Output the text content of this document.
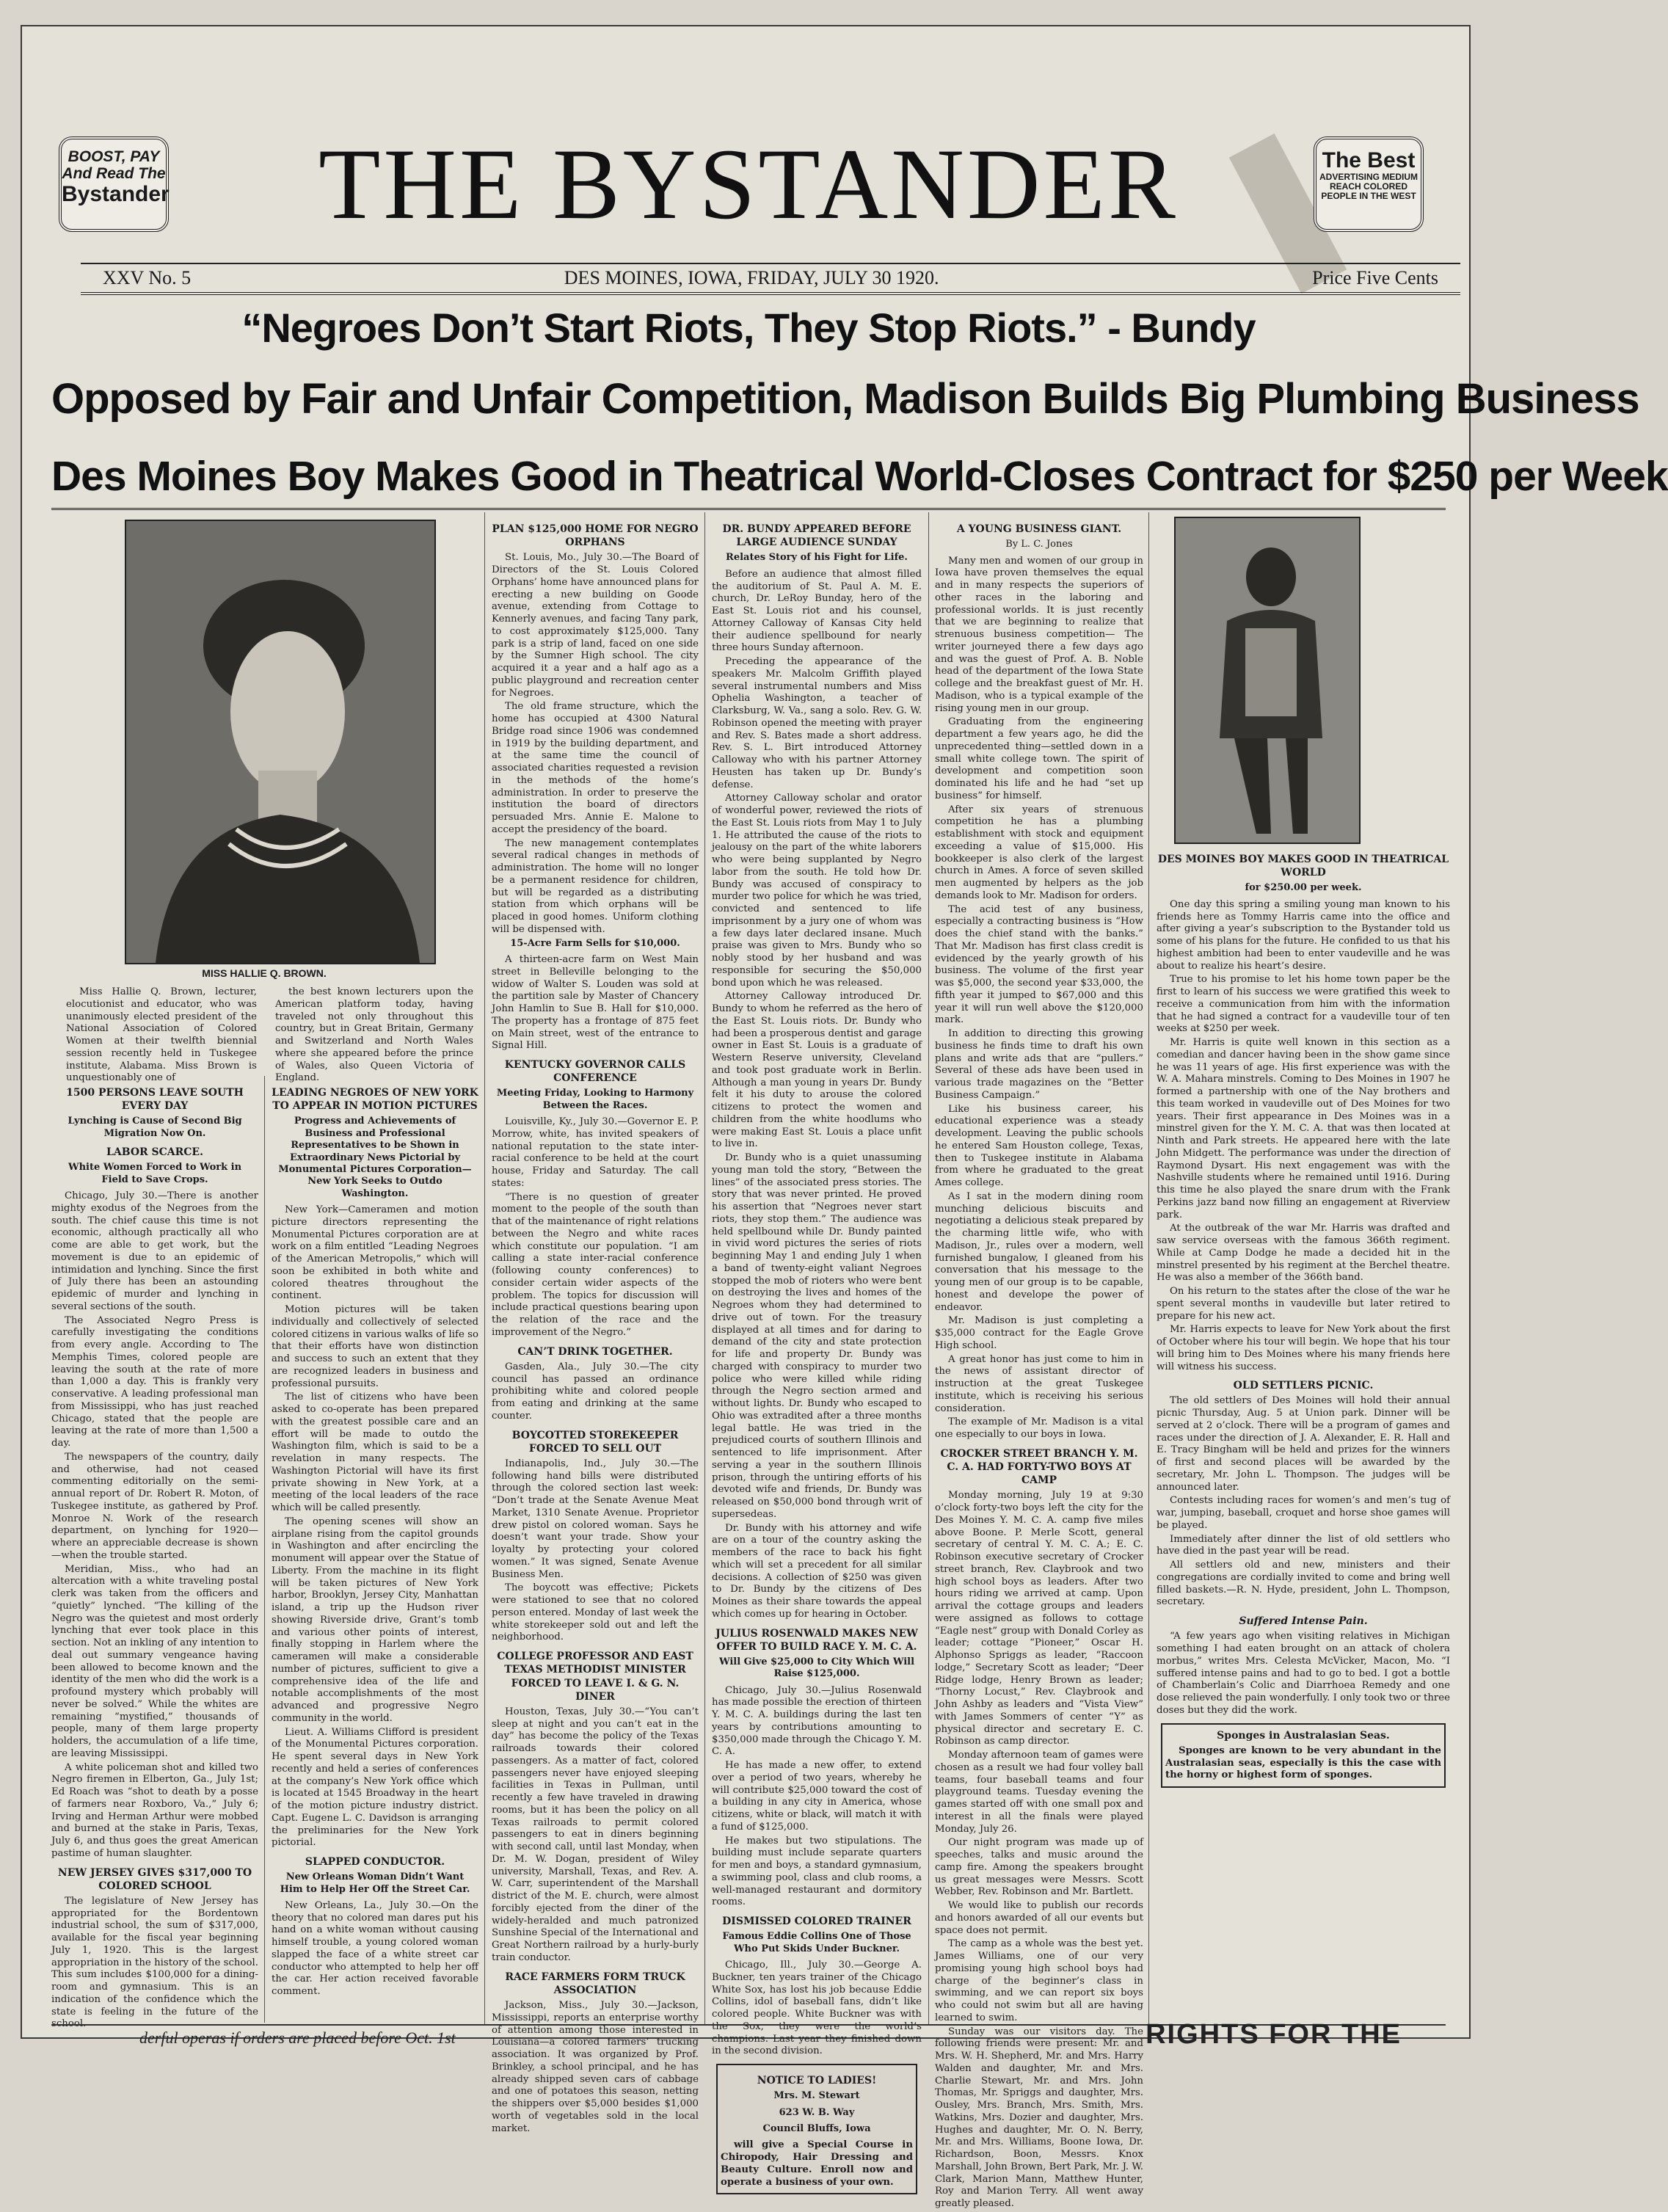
BOOST, PAY
And Read The
Bystander	THE BYSTANDER	The Best
ADVERTISING MEDIUM
REACH COLORED
PEOPLE IN THE WEST
XXV No. 5	DES MOINES, IOWA, FRIDAY, JULY 30 1920.	Price Five Cents
“Negroes Don’t Start Riots, They Stop Riots.” - Bundy
Opposed by Fair and Unfair Competition, Madison Builds Big Plumbing Business
Des Moines Boy Makes Good in Theatrical World-Closes Contract for $250 per Week
MISS HALLIE Q. BROWN.

Miss Hallie Q. Brown, lecturer, elocutionist and educator, who was unanimously elected president of the National Association of Colored Women at their twelfth biennial session recently held in Tuskegee institute, Alabama. Miss Brown is unquestionably one of

the best known lecturers upon the American platform today, having traveled not only throughout this country, but in Great Britain, Germany and Switzerland and North Wales where she appeared before the prince of Wales, also Queen Victoria of England.

1500 PERSONS LEAVE SOUTH EVERY DAY
Lynching is Cause of Second Big Migration Now On.
LABOR SCARCE.
White Women Forced to Work in Field to Save Crops.

Chicago, July 30.—There is another mighty exodus of the Negroes from the south. The chief cause this time is not economic, although practically all who come are able to get work, but the movement is due to an epidemic of intimidation and lynching. Since the first of July there has been an astounding epidemic of murder and lynching in several sections of the south.

The Associated Negro Press is carefully investigating the conditions from every angle. According to The Memphis Times, colored people are leaving the south at the rate of more than 1,000 a day. This is frankly very conservative. A leading professional man from Mississippi, who has just reached Chicago, stated that the people are leaving at the rate of more than 1,500 a day.

The newspapers of the country, daily and otherwise, had not ceased commenting editorially on the semi-annual report of Dr. Robert R. Moton, of Tuskegee institute, as gathered by Prof. Monroe N. Work of the research department, on lynching for 1920—where an appreciable decrease is shown—when the trouble started.

Meridian, Miss., who had an altercation with a white traveling postal clerk was taken from the officers and “quietly” lynched. “The killing of the Negro was the quietest and most orderly lynching that ever took place in this section. Not an inkling of any intention to deal out summary vengeance having been allowed to become known and the identity of the men who did the work is a profound mystery which probably will never be solved.” While the whites are remaining “mystified,” thousands of people, many of them large property holders, the accumulation of a life time, are leaving Mississippi.

A white policeman shot and killed two Negro firemen in Elberton, Ga., July 1st; Ed Roach was “shot to death by a posse of farmers near Roxboro, Va.,” July 6; Irving and Herman Arthur were mobbed and burned at the stake in Paris, Texas, July 6, and thus goes the great American pastime of human slaughter.

NEW JERSEY GIVES $317,000 TO COLORED SCHOOL

The legislature of New Jersey has appropriated for the Bordentown industrial school, the sum of $317,000, available for the fiscal year beginning July 1, 1920. This is the largest appropriation in the history of the school. This sum includes $100,000 for a dining-room and gymnasium. This is an indication of the confidence which the state is feeling in the future of the school.

LEADING NEGROES OF NEW YORK TO APPEAR IN MOTION PICTURES
Progress and Achievements of Business and Professional Representatives to be Shown in Extraordinary News Pictorial by Monumental Pictures Corporation—New York Seeks to Outdo Washington.

New York—Cameramen and motion picture directors representing the Monumental Pictures corporation are at work on a film entitled “Leading Negroes of the American Metropolis,” which will soon be exhibited in both white and colored theatres throughout the continent.

Motion pictures will be taken individually and collectively of selected colored citizens in various walks of life so that their efforts have won distinction and success to such an extent that they are recognized leaders in business and professional pursuits.

The list of citizens who have been asked to co-operate has been prepared with the greatest possible care and an effort will be made to outdo the Washington film, which is said to be a revelation in many respects. The Washington Pictorial will have its first private showing in New York, at a meeting of the local leaders of the race which will be called presently.

The opening scenes will show an airplane rising from the capitol grounds in Washington and after encircling the monument will appear over the Statue of Liberty. From the machine in its flight will be taken pictures of New York harbor, Brooklyn, Jersey City, Manhattan island, a trip up the Hudson river showing Riverside drive, Grant’s tomb and various other points of interest, finally stopping in Harlem where the cameramen will make a considerable number of pictures, sufficient to give a comprehensive idea of the life and notable accomplishments of the most advanced and progressive Negro community in the world.

Lieut. A. Williams Clifford is president of the Monumental Pictures corporation. He spent several days in New York recently and held a series of conferences at the company’s New York office which is located at 1545 Broadway in the heart of the motion picture industry district. Capt. Eugene L. C. Davidson is arranging the preliminaries for the New York pictorial.

SLAPPED CONDUCTOR.
New Orleans Woman Didn’t Want Him to Help Her Off the Street Car.

New Orleans, La., July 30.—On the theory that no colored man dares put his hand on a white woman without causing himself trouble, a young colored woman slapped the face of a white street car conductor who attempted to help her off the car. Her action received favorable comment.

PLAN $125,000 HOME FOR NEGRO ORPHANS

St. Louis, Mo., July 30.—The Board of Directors of the St. Louis Colored Orphans’ home have announced plans for erecting a new building on Goode avenue, extending from Cottage to Kennerly avenues, and facing Tany park, to cost approximately $125,000. Tany park is a strip of land, faced on one side by the Sumner High school. The city acquired it a year and a half ago as a public playground and recreation center for Negroes.

The old frame structure, which the home has occupied at 4300 Natural Bridge road since 1906 was condemned in 1919 by the building department, and at the same time the council of associated charities requested a revision in the methods of the home’s administration. In order to preserve the institution the board of directors persuaded Mrs. Annie E. Malone to accept the presidency of the board.

The new management contemplates several radical changes in methods of administration. The home will no longer be a permanent residence for children, but will be regarded as a distributing station from which orphans will be placed in good homes. Uniform clothing will be dispensed with.

15-Acre Farm Sells for $10,000.

A thirteen-acre farm on West Main street in Belleville belonging to the widow of Walter S. Louden was sold at the partition sale by Master of Chancery John Hamlin to Sue B. Hall for $10,000. The property has a frontage of 875 feet on Main street, west of the entrance to Signal Hill.

KENTUCKY GOVERNOR CALLS CONFERENCE
Meeting Friday, Looking to Harmony Between the Races.

Louisville, Ky., July 30.—Governor E. P. Morrow, white, has invited speakers of national reputation to the state inter-racial conference to be held at the court house, Friday and Saturday. The call states:

“There is no question of greater moment to the people of the south than that of the maintenance of right relations between the Negro and white races which constitute our population. “I am calling a state inter-racial conference (following county conferences) to consider certain wider aspects of the problem. The topics for discussion will include practical questions bearing upon the relation of the race and the improvement of the Negro.”

CAN’T DRINK TOGETHER.

Gasden, Ala., July 30.—The city council has passed an ordinance prohibiting white and colored people from eating and drinking at the same counter.

BOYCOTTED STOREKEEPER FORCED TO SELL OUT

Indianapolis, Ind., July 30.—The following hand bills were distributed through the colored section last week: “Don’t trade at the Senate Avenue Meat Market, 1310 Senate Avenue. Proprietor drew pistol on colored woman. Says he doesn’t want your trade. Show your loyalty by protecting your colored women.” It was signed, Senate Avenue Business Men.

The boycott was effective; Pickets were stationed to see that no colored person entered. Monday of last week the white storekeeper sold out and left the neighborhood.

COLLEGE PROFESSOR AND EAST TEXAS METHODIST MINISTER FORCED TO LEAVE I. & G. N. DINER

Houston, Texas, July 30.—“You can’t sleep at night and you can’t eat in the day” has become the policy of the Texas railroads towards their colored passengers. As a matter of fact, colored passengers never have enjoyed sleeping facilities in Texas in Pullman, until recently a few have traveled in drawing rooms, but it has been the policy on all Texas railroads to permit colored passengers to eat in diners beginning with second call, until last Monday, when Dr. M. W. Dogan, president of Wiley university, Marshall, Texas, and Rev. A. W. Carr, superintendent of the Marshall district of the M. E. church, were almost forcibly ejected from the diner of the widely-heralded and much patronized Sunshine Special of the International and Great Northern railroad by a hurly-burly train conductor.

RACE FARMERS FORM TRUCK ASSOCIATION

Jackson, Miss., July 30.—Jackson, Mississippi, reports an enterprise worthy of attention among those interested in Louisiana—a colored farmers’ trucking association. It was organized by Prof. Brinkley, a school principal, and he has already shipped seven cars of cabbage and one of potatoes this season, netting the shippers over $5,000 besides $1,000 worth of vegetables sold in the local market.

DR. BUNDY APPEARED BEFORE LARGE AUDIENCE SUNDAY
Relates Story of his Fight for Life.

Before an audience that almost filled the auditorium of St. Paul A. M. E. church, Dr. LeRoy Bunday, hero of the East St. Louis riot and his counsel, Attorney Calloway of Kansas City held their audience spellbound for nearly three hours Sunday afternoon.

Preceding the appearance of the speakers Mr. Malcolm Griffith played several instrumental numbers and Miss Ophelia Washington, a teacher of Clarksburg, W. Va., sang a solo. Rev. G. W. Robinson opened the meeting with prayer and Rev. S. Bates made a short address. Rev. S. L. Birt introduced Attorney Calloway who with his partner Attorney Heusten has taken up Dr. Bundy’s defense.

Attorney Calloway scholar and orator of wonderful power, reviewed the riots of the East St. Louis riots from May 1 to July 1. He attributed the cause of the riots to jealousy on the part of the white laborers who were being supplanted by Negro labor from the south. He told how Dr. Bundy was accused of conspiracy to murder two police for which he was tried, convicted and sentenced to life imprisonment by a jury one of whom was a few days later declared insane. Much praise was given to Mrs. Bundy who so nobly stood by her husband and was responsible for securing the $50,000 bond upon which he was released.

Attorney Calloway introduced Dr. Bundy to whom he referred as the hero of the East St. Louis riots. Dr. Bundy who had been a prosperous dentist and garage owner in East St. Louis is a graduate of Western Reserve university, Cleveland and took post graduate work in Berlin. Although a man young in years Dr. Bundy felt it his duty to arouse the colored citizens to protect the women and children from the white hoodlums who were making East St. Louis a place unfit to live in.

Dr. Bundy who is a quiet unassuming young man told the story, “Between the lines” of the associated press stories. The story that was never printed. He proved his assertion that “Negroes never start riots, they stop them.” The audience was held spellbound while Dr. Bundy painted in vivid word pictures the series of riots beginning May 1 and ending July 1 when a band of twenty-eight valiant Negroes stopped the mob of rioters who were bent on destroying the lives and homes of the Negroes whom they had determined to drive out of town. For the treasury displayed at all times and for daring to demand of the city and state protection for life and property Dr. Bundy was charged with conspiracy to murder two police who were killed while riding through the Negro section armed and without lights. Dr. Bundy who escaped to Ohio was extradited after a three months legal battle. He was tried in the prejudiced courts of southern Illinois and sentenced to life imprisonment. After serving a year in the southern Illinois prison, through the untiring efforts of his devoted wife and friends, Dr. Bundy was released on $50,000 bond through writ of supersedeas.

Dr. Bundy with his attorney and wife are on a tour of the country asking the members of the race to back his fight which will set a precedent for all similar decisions. A collection of $250 was given to Dr. Bundy by the citizens of Des Moines as their share towards the appeal which comes up for hearing in October.

JULIUS ROSENWALD MAKES NEW OFFER TO BUILD RACE Y. M. C. A.
Will Give $25,000 to City Which Will Raise $125,000.

Chicago, July 30.—Julius Rosenwald has made possible the erection of thirteen Y. M. C. A. buildings during the last ten years by contributions amounting to $350,000 made through the Chicago Y. M. C. A.

He has made a new offer, to extend over a period of two years, whereby he will contribute $25,000 toward the cost of a building in any city in America, whose citizens, white or black, will match it with a fund of $125,000.

He makes but two stipulations. The building must include separate quarters for men and boys, a standard gymnasium, a swimming pool, class and club rooms, a well-managed restaurant and dormitory rooms.

DISMISSED COLORED TRAINER
Famous Eddie Collins One of Those Who Put Skids Under Buckner.

Chicago, Ill., July 30.—George A. Buckner, ten years trainer of the Chicago White Sox, has lost his job because Eddie Collins, idol of baseball fans, didn’t like colored people. White Buckner was with the Sox, they were the world’s champions. Last year they finished down in the second division.

NOTICE TO LADIES!
Mrs. M. Stewart
623 W. B. Way
Council Bluffs, Iowa

will give a Special Course in Chiropody, Hair Dressing and Beauty Culture. Enroll now and operate a business of your own.

A YOUNG BUSINESS GIANT.
By L. C. Jones

Many men and women of our group in Iowa have proven themselves the equal and in many respects the superiors of other races in the laboring and professional worlds. It is just recently that we are beginning to realize that strenuous business competition— The writer journeyed there a few days ago and was the guest of Prof. A. B. Noble head of the department of the Iowa State college and the breakfast guest of Mr. H. Madison, who is a typical example of the rising young men in our group.

Graduating from the engineering department a few years ago, he did the unprecedented thing—settled down in a small white college town. The spirit of development and competition soon dominated his life and he had “set up business” for himself.

After six years of strenuous competition he has a plumbing establishment with stock and equipment exceeding a value of $15,000. His bookkeeper is also clerk of the largest church in Ames. A force of seven skilled men augmented by helpers as the job demands look to Mr. Madison for orders.

The acid test of any business, especially a contracting business is “How does the chief stand with the banks.” That Mr. Madison has first class credit is evidenced by the yearly growth of his business. The volume of the first year was $5,000, the second year $33,000, the fifth year it jumped to $67,000 and this year it will run well above the $120,000 mark.

In addition to directing this growing business he finds time to draft his own plans and write ads that are “pullers.” Several of these ads have been used in various trade magazines on the “Better Business Campaign.”

Like his business career, his educational experience was a steady development. Leaving the public schools he entered Sam Houston college, Texas, then to Tuskegee institute in Alabama from where he graduated to the great Ames college.

As I sat in the modern dining room munching delicious biscuits and negotiating a delicious steak prepared by the charming little wife, who with Madison, Jr., rules over a modern, well furnished bungalow, I gleaned from his conversation that his message to the young men of our group is to be capable, honest and develope the power of endeavor.

Mr. Madison is just completing a $35,000 contract for the Eagle Grove High school.

A great honor has just come to him in the news of assistant director of instruction at the great Tuskegee institute, which is receiving his serious consideration.

The example of Mr. Madison is a vital one especially to our boys in Iowa.

CROCKER STREET BRANCH Y. M. C. A. HAD FORTY-TWO BOYS AT CAMP

Monday morning, July 19 at 9:30 o’clock forty-two boys left the city for the Des Moines Y. M. C. A. camp five miles above Boone. P. Merle Scott, general secretary of central Y. M. C. A.; E. C. Robinson executive secretary of Crocker street branch, Rev. Claybrook and two high school boys as leaders. After two hours riding we arrived at camp. Upon arrival the cottage groups and leaders were assigned as follows to cottage “Eagle nest” group with Donald Corley as leader; cottage “Pioneer,” Oscar H. Alphonso Spriggs as leader, “Raccoon lodge,” Secretary Scott as leader; “Deer Ridge lodge, Henry Brown as leader; “Thorny Locust,” Rev. Claybrook and John Ashby as leaders and “Vista View” with James Sommers of center “Y” as physical director and secretary E. C. Robinson as camp director.

Monday afternoon team of games were chosen as a result we had four volley ball teams, four baseball teams and four playground teams. Tuesday evening the games started off with one small pox and interest in all the finals were played Monday, July 26.

Our night program was made up of speeches, talks and music around the camp fire. Among the speakers brought us great messages were Messrs. Scott Webber, Rev. Robinson and Mr. Bartlett.

We would like to publish our records and honors awarded of all our events but space does not permit.

The camp as a whole was the best yet. James Williams, one of our very promising young high school boys had charge of the beginner’s class in swimming, and we can report six boys who could not swim but all are having learned to swim.

Sunday was our visitors day. The following friends were present: Mr. and Mrs. W. H. Shepherd, Mr. and Mrs. Harry Walden and daughter, Mr. and Mrs. Charlie Stewart, Mr. and Mrs. John Thomas, Mr. Spriggs and daughter, Mrs. Ousley, Mrs. Branch, Mrs. Smith, Mrs. Watkins, Mrs. Dozier and daughter, Mrs. Hughes and daughter, Mr. O. N. Berry, Mr. and Mrs. Williams, Boone Iowa, Dr. Richardson, Boon, Messrs. Knox Marshall, John Brown, Bert Park, Mr. J. W. Clark, Marion Mann, Matthew Hunter, Roy and Marion Terry. All went away greatly pleased.

DES MOINES BOY MAKES GOOD IN THEATRICAL WORLD
for $250.00 per week.

One day this spring a smiling young man known to his friends here as Tommy Harris came into the office and after giving a year’s subscription to the Bystander told us some of his plans for the future. He confided to us that his highest ambition had been to enter vaudeville and he was about to realize his heart’s desire.

True to his promise to let his home town paper be the first to learn of his success we were gratified this week to receive a communication from him with the information that he had signed a contract for a vaudeville tour of ten weeks at $250 per week.

Mr. Harris is quite well known in this section as a comedian and dancer having been in the show game since he was 11 years of age. His first experience was with the W. A. Mahara minstrels. Coming to Des Moines in 1907 he formed a partnership with one of the Nay brothers and this team worked in vaudeville out of Des Moines for two years. Their first appearance in Des Moines was in a minstrel given for the Y. M. C. A. that was then located at Ninth and Park streets. He appeared here with the late John Midgett. The performance was under the direction of Raymond Dysart. His next engagement was with the Nashville students where he remained until 1916. During this time he also played the snare drum with the Frank Perkins jazz band now filling an engagement at Riverview park.

At the outbreak of the war Mr. Harris was drafted and saw service overseas with the famous 366th regiment. While at Camp Dodge he made a decided hit in the minstrel presented by his regiment at the Berchel theatre. He was also a member of the 366th band.

On his return to the states after the close of the war he spent several months in vaudeville but later retired to prepare for his new act.

Mr. Harris expects to leave for New York about the first of October where his tour will begin. We hope that his tour will bring him to Des Moines where his many friends here will witness his success.

OLD SETTLERS PICNIC.

The old settlers of Des Moines will hold their annual picnic Thursday, Aug. 5 at Union park. Dinner will be served at 2 o’clock. There will be a program of games and races under the direction of J. A. Alexander, E. R. Hall and E. Tracy Bingham will be held and prizes for the winners of first and second places will be awarded by the secretary, Mr. John L. Thompson. The judges will be announced later.

Contests including races for women’s and men’s tug of war, jumping, baseball, croquet and horse shoe games will be played.

Immediately after dinner the list of old settlers who have died in the past year will be read.

All settlers old and new, ministers and their congregations are cordially invited to come and bring well filled baskets.—R. N. Hyde, president, John L. Thompson, secretary.

Suffered Intense Pain.

“A few years ago when visiting relatives in Michigan something I had eaten brought on an attack of cholera morbus,” writes Mrs. Celesta McVicker, Macon, Mo. “I suffered intense pains and had to go to bed. I got a bottle of Chamberlain’s Colic and Diarrhoea Remedy and one dose relieved the pain wonderfully. I only took two or three doses but they did the work.

Sponges in Australasian Seas.

Sponges are known to be very abundant in the Australasian seas, especially is this the case with the horny or highest form of sponges.

derful operas if orders are placed before Oct. 1st	RIGHTS FOR THE
